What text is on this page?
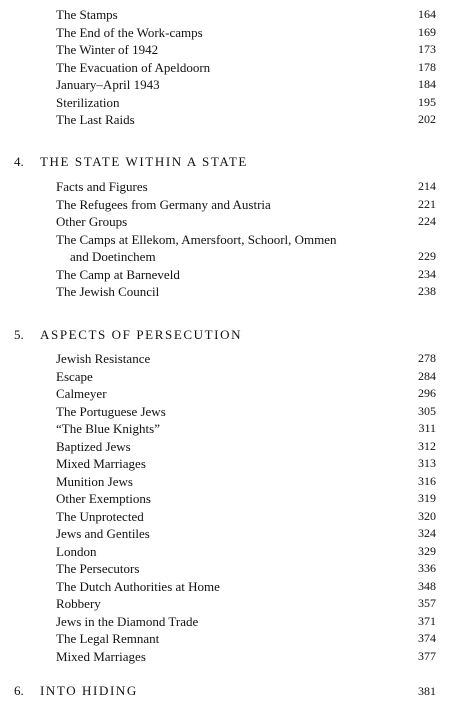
The Stamps	164
The End of the Work-camps	169
The Winter of 1942	173
The Evacuation of Apeldoorn	178
January–April 1943	184
Sterilization	195
The Last Raids	202
4. THE STATE WITHIN A STATE
Facts and Figures	214
The Refugees from Germany and Austria	221
Other Groups	224
The Camps at Ellekom, Amersfoort, Schoorl, Ommen
and Doetinchem	229
The Camp at Barneveld	234
The Jewish Council	238
5. ASPECTS OF PERSECUTION
Jewish Resistance	278
Escape	284
Calmeyer	296
The Portuguese Jews	305
“The Blue Knights”	311
Baptized Jews	312
Mixed Marriages	313
Munition Jews	316
Other Exemptions	319
The Unprotected	320
Jews and Gentiles	324
London	329
The Persecutors	336
The Dutch Authorities at Home	348
Robbery	357
Jews in the Diamond Trade	371
The Legal Remnant	374
Mixed Marriages	377
6. INTO HIDING	381
